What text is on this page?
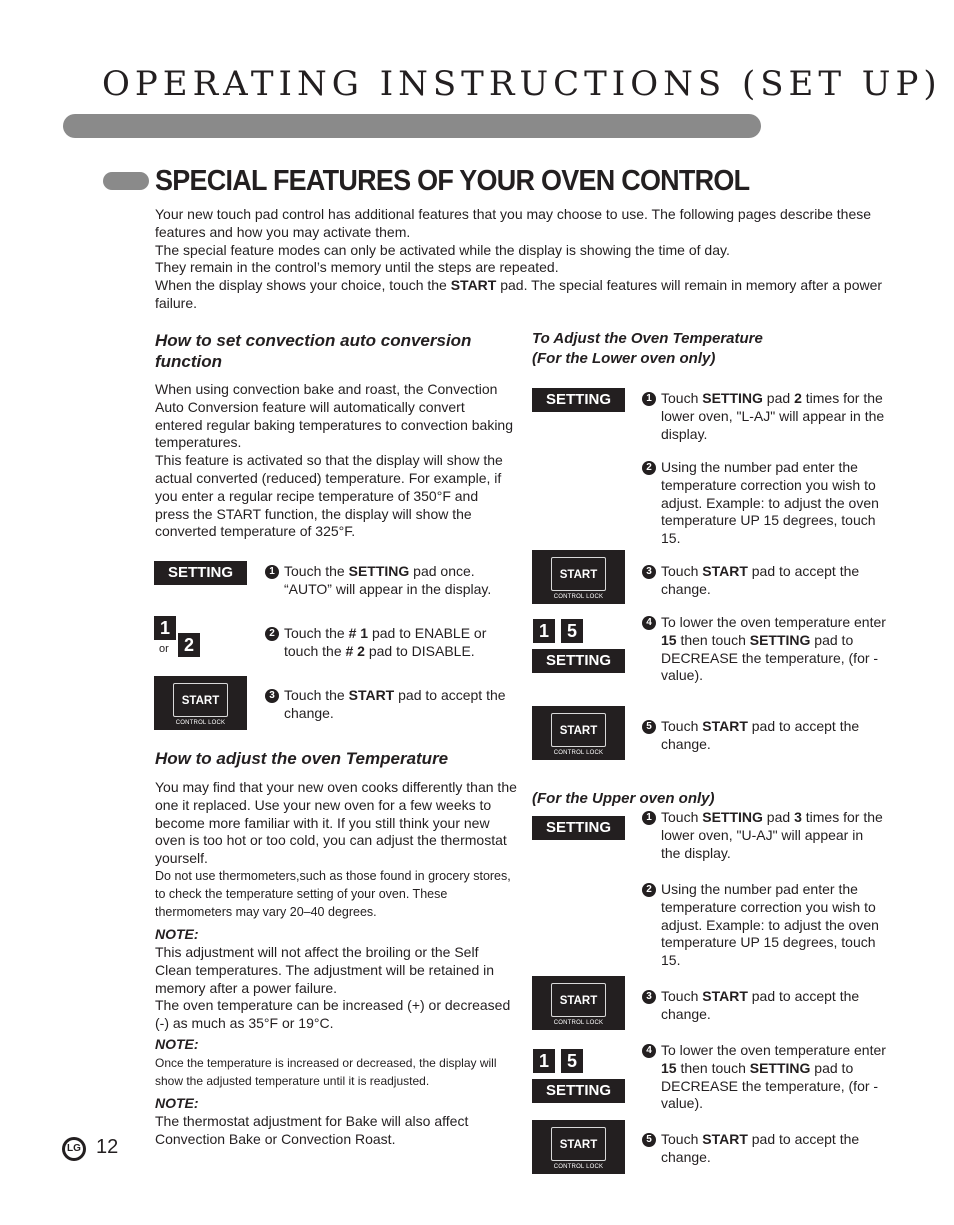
OPERATING INSTRUCTIONS (SET UP)
SPECIAL FEATURES OF YOUR OVEN CONTROL

Your new touch pad control has additional features that you may choose to use. The following pages describe these features and how you may activate them.

The special feature modes can only be activated while the display is showing the time of day.

They remain in the control’s memory until the steps are repeated.

When the display shows your choice, touch the START pad. The special features will remain in memory after a power failure.

How to set convection auto conversion function

When using convection bake and roast, the Convection Auto Conversion feature will automatically convert entered regular baking temperatures to convection baking temperatures.

This feature is activated so that the display will show the actual converted (reduced) temperature. For example, if you enter a regular recipe temperature of 350°F and press the START function, the display will show the converted temperature of 325°F.

SETTING	1 Touch the SETTING pad once. “AUTO” will appear in the display.
1
or 2
2 Touch the # 1 pad to ENABLE or touch the # 2 pad to DISABLE.
START
CONTROL LOCK
3 Touch the START pad to accept the change.
How to adjust the oven Temperature
You may find that your new oven cooks differently than the one it replaced. Use your new oven for a few weeks to become more familiar with it. If you still think your new oven is too hot or too cold, you can adjust the thermostat yourself.
Do not use thermometers,such as those found in grocery stores, to check the temperature setting of your oven. These thermometers may vary 20–40 degrees.
NOTE:

This adjustment will not affect the broiling or the Self Clean temperatures. The adjustment will be retained in memory after a power failure.

The oven temperature can be increased (+) or decreased (-) as much as 35°F or 19°C.

NOTE:
Once the temperature is increased or decreased, the display will show the adjusted temperature until it is readjusted.
NOTE:
The thermostat adjustment for Bake will also affect Convection Bake or Convection Roast.
To Adjust the Oven Temperature
(For the Lower oven only)
SETTING	1 Touch SETTING pad 2 times for the lower oven, "L-AJ" will appear in the display.
2 Using the number pad enter the temperature correction you wish to adjust. Example: to adjust the oven temperature UP 15 degrees, touch 15.
START
CONTROL LOCK
3 Touch START pad to accept the change.
1 5
SETTING
4 To lower the oven temperature enter 15 then touch SETTING pad to DECREASE the temperature, (for - value).
START
CONTROL LOCK
5 Touch START pad to accept the change.
(For the Upper oven only)
SETTING
1 Touch SETTING pad 3 times for the lower oven, "U-AJ" will appear in the display.
2 Using the number pad enter the temperature correction you wish to adjust. Example: to adjust the oven temperature UP 15 degrees, touch 15.
START
CONTROL LOCK
3 Touch START pad to accept the change.
1 5
SETTING
4 To lower the oven temperature enter 15 then touch SETTING pad to DECREASE the temperature, (for - value).
START
CONTROL LOCK
5 Touch START pad to accept the change.
LG 12
